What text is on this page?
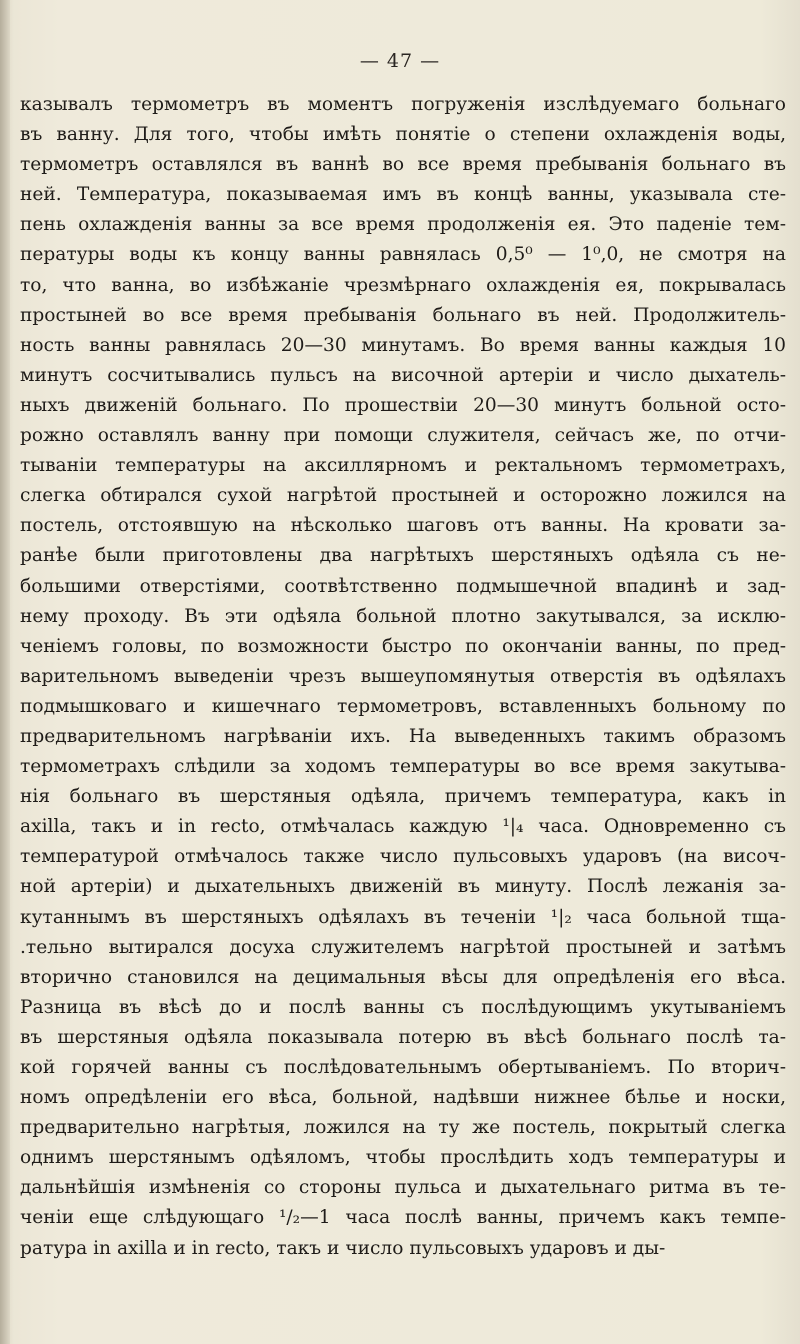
— 47 —
казывалъ термометръ въ моментъ погруженія изслѣдуемаго больнаго
въ ванну. Для того, чтобы имѣть понятіе о степени охлажденія воды,
термометръ оставлялся въ ваннѣ во все время пребыванія больнаго въ
ней. Температура, показываемая имъ въ концѣ ванны, указывала сте-
пень охлажденія ванны за все время продолженія ея. Это паденіе тем-
пературы воды къ концу ванны равнялась 0,5⁰ — 1⁰,0, не смотря на
то, что ванна, во избѣжаніе чрезмѣрнаго охлажденія ея, покрывалась
простыней во все время пребыванія больнаго въ ней. Продолжитель-
ность ванны равнялась 20—30 минутамъ. Во время ванны каждыя 10
минутъ сосчитывались пульсъ на височной артеріи и число дыхатель-
ныхъ движеній больнаго. По прошествіи 20—30 минутъ больной осто-
рожно оставлялъ ванну при помощи служителя, сейчасъ же, по отчи-
тываніи температуры на аксиллярномъ и ректальномъ термометрахъ,
слегка обтирался сухой нагрѣтой простыней и осторожно ложился на
постель, отстоявшую на нѣсколько шаговъ отъ ванны. На кровати за-
ранѣе были приготовлены два нагрѣтыхъ шерстяныхъ одѣяла съ не-
большими отверстіями, соотвѣтственно подмышечной впадинѣ и зад-
нему проходу. Въ эти одѣяла больной плотно закутывался, за исклю-
ченіемъ головы, по возможности быстро по окончаніи ванны, по пред-
варительномъ выведеніи чрезъ вышеупомянутыя отверстія въ одѣялахъ
подмышковаго и кишечнаго термометровъ, вставленныхъ больному по
предварительномъ нагрѣваніи ихъ. На выведенныхъ такимъ образомъ
термометрахъ слѣдили за ходомъ температуры во все время закутыва-
нія больнаго въ шерстяныя одѣяла, причемъ температура, какъ in
axilla, такъ и in recto, отмѣчалась каждую ¹|₄ часа. Одновременно съ
температурой отмѣчалось также число пульсовыхъ ударовъ (на височ-
ной артеріи) и дыхательныхъ движеній въ минуту. Послѣ лежанія за-
кутаннымъ въ шерстяныхъ одѣялахъ въ теченіи ¹|₂ часа больной тща-
.тельно вытирался досуха служителемъ нагрѣтой простыней и затѣмъ
вторично становился на децимальныя вѣсы для опредѣленія его вѣса.
Разница въ вѣсѣ до и послѣ ванны съ послѣдующимъ укутываніемъ
въ шерстяныя одѣяла показывала потерю въ вѣсѣ больнаго послѣ та-
кой горячей ванны съ послѣдовательнымъ обертываніемъ. По вторич-
номъ опредѣленіи его вѣса, больной, надѣвши нижнее бѣлье и носки,
предварительно нагрѣтыя, ложился на ту же постель, покрытый слегка
однимъ шерстянымъ одѣяломъ, чтобы прослѣдить ходъ температуры и
дальнѣйшія измѣненія со стороны пульса и дыхательнаго ритма въ те-
ченіи еще слѣдующаго ¹/₂—1 часа послѣ ванны, причемъ какъ темпе-
ратура in axilla и in recto, такъ и число пульсовыхъ ударовъ и ды-
